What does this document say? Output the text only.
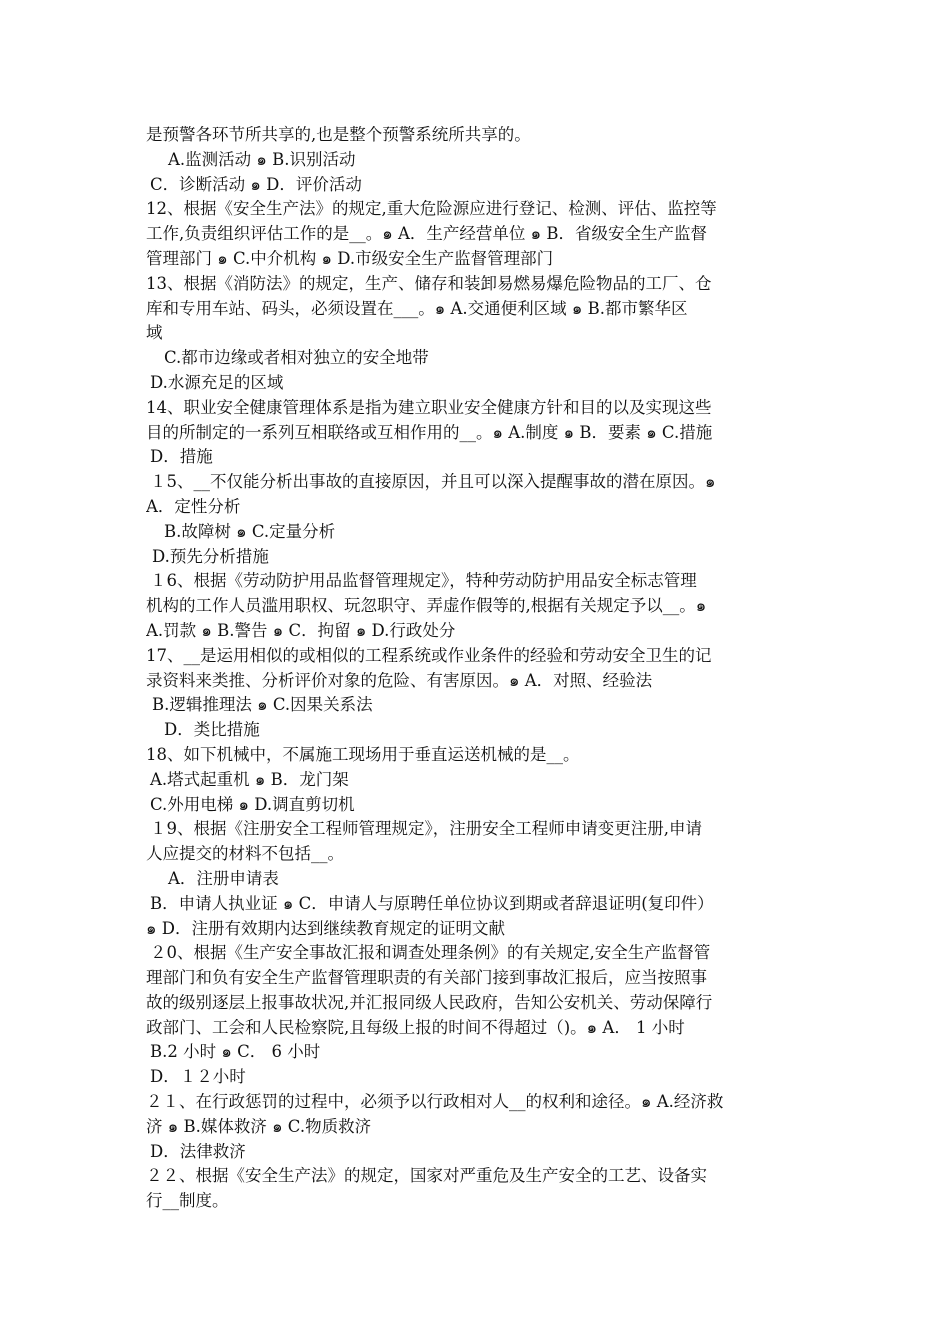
是预警各环节所共享的,也是整个预警系统所共享的。
A.监测活动 ๑ B.识别活动
C．诊断活动 ๑ D．评价活动
12、根据《安全生产法》的规定,重大危险源应进行登记、检测、评估、监控等
工作,负责组织评估工作的是__。๑ A．生产经营单位 ๑ B．省级安全生产监督
管理部门 ๑ C.中介机构 ๑ D.市级安全生产监督管理部门
13、根据《消防法》的规定，生产、储存和装卸易燃易爆危险物品的工厂、仓
库和专用车站、码头，必须设置在___。๑ A.交通便利区域 ๑ B.都市繁华区
域
C.都市边缘或者相对独立的安全地带
D.水源充足的区域
14、职业安全健康管理体系是指为建立职业安全健康方针和目的以及实现这些
目的所制定的一系列互相联络或互相作用的__。๑ A.制度 ๑ B．要素 ๑ C.措施
D．措施
１5、__不仅能分析出事故的直接原因，并且可以深入提醒事故的潜在原因。๑
A．定性分析
B.故障树 ๑ C.定量分析
D.预先分析措施
１6、根据《劳动防护用品监督管理规定》，特种劳动防护用品安全标志管理
机构的工作人员滥用职权、玩忽职守、弄虚作假等的,根据有关规定予以__。๑
A.罚款 ๑ B.警告 ๑ C．拘留 ๑ D.行政处分
17、__是运用相似的或相似的工程系统或作业条件的经验和劳动安全卫生的记
录资料来类推、分析评价对象的危险、有害原因。๑ A．对照、经验法
B.逻辑推理法 ๑ C.因果关系法
D．类比措施
18、如下机械中，不属施工现场用于垂直运送机械的是__。
A.塔式起重机 ๑ B．龙门架
C.外用电梯 ๑ D.调直剪切机
１9、根据《注册安全工程师管理规定》，注册安全工程师申请变更注册,申请
人应提交的材料不包括__。
A．注册申请表
B．申请人执业证 ๑ C．申请人与原聘任单位协议到期或者辞退证明(复印件）
๑ D．注册有效期内达到继续教育规定的证明文献
２0、根据《生产安全事故汇报和调查处理条例》的有关规定,安全生产监督管
理部门和负有安全生产监督管理职责的有关部门接到事故汇报后，应当按照事
故的级别逐层上报事故状况,并汇报同级人民政府，告知公安机关、劳动保障行
政部门、工会和人民检察院,且每级上报的时间不得超过（)。๑ A． 1 小时
B.2 小时 ๑ C． 6 小时
D．１２小时
２１、在行政惩罚的过程中，必须予以行政相对人__的权利和途径。๑ A.经济救
济 ๑ B.媒体救济 ๑ C.物质救济
D．法律救济
２２、根据《安全生产法》的规定，国家对严重危及生产安全的工艺、设备实
行__制度。
